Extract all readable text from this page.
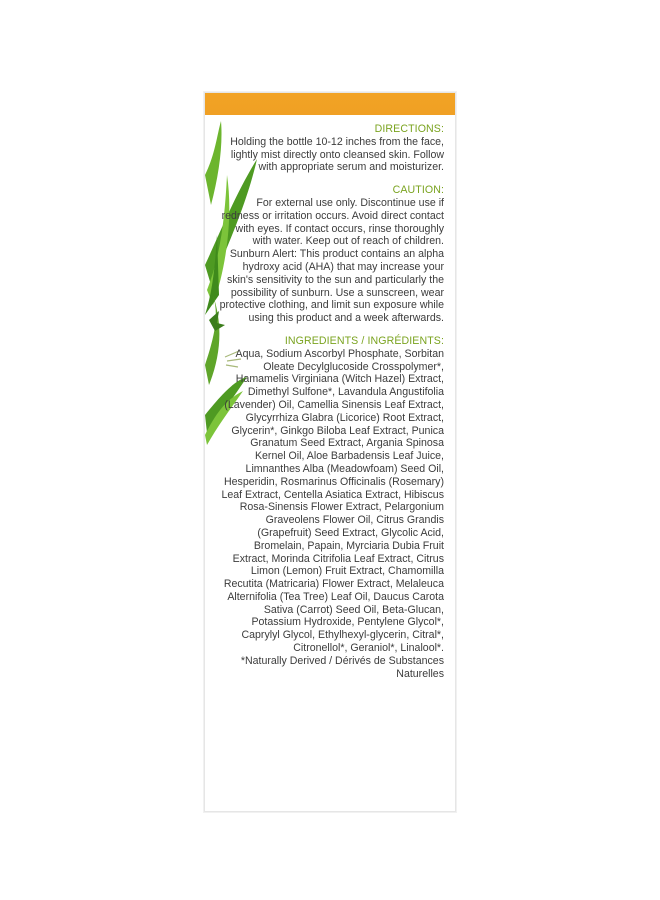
DIRECTIONS:

Holding the bottle 10-12 inches from the face, lightly mist directly onto cleansed skin. Follow with appropriate serum and moisturizer.

CAUTION:

For external use only. Discontinue use if redness or irritation occurs. Avoid direct contact with eyes. If contact occurs, rinse thoroughly with water. Keep out of reach of children. Sunburn Alert: This product contains an alpha hydroxy acid (AHA) that may increase your skin's sensitivity to the sun and particularly the possibility of sunburn. Use a sunscreen, wear protective clothing, and limit sun exposure while using this product and a week afterwards.

INGREDIENTS / INGRÉDIENTS:

Aqua, Sodium Ascorbyl Phosphate, Sorbitan Oleate Decylglucoside Crosspolymer*, Hamamelis Virginiana (Witch Hazel) Extract, Dimethyl Sulfone*, Lavandula Angustifolia (Lavender) Oil, Camellia Sinensis Leaf Extract, Glycyrrhiza Glabra (Licorice) Root Extract, Glycerin*, Ginkgo Biloba Leaf Extract, Punica Granatum Seed Extract, Argania Spinosa Kernel Oil, Aloe Barbadensis Leaf Juice, Limnanthes Alba (Meadowfoam) Seed Oil, Hesperidin, Rosmarinus Officinalis (Rosemary) Leaf Extract, Centella Asiatica Extract, Hibiscus Rosa-Sinensis Flower Extract, Pelargonium Graveolens Flower Oil, Citrus Grandis (Grapefruit) Seed Extract, Glycolic Acid, Bromelain, Papain, Myrciaria Dubia Fruit Extract, Morinda Citrifolia Leaf Extract, Citrus Limon (Lemon) Fruit Extract, Chamomilla Recutita (Matricaria) Flower Extract, Melaleuca Alternifolia (Tea Tree) Leaf Oil, Daucus Carota Sativa (Carrot) Seed Oil, Beta-Glucan, Potassium Hydroxide, Pentylene Glycol*, Caprylyl Glycol, Ethylhexyl-glycerin, Citral*, Citronellol*, Geraniol*, Linalool*.

*Naturally Derived / Dérivés de Substances Naturelles
